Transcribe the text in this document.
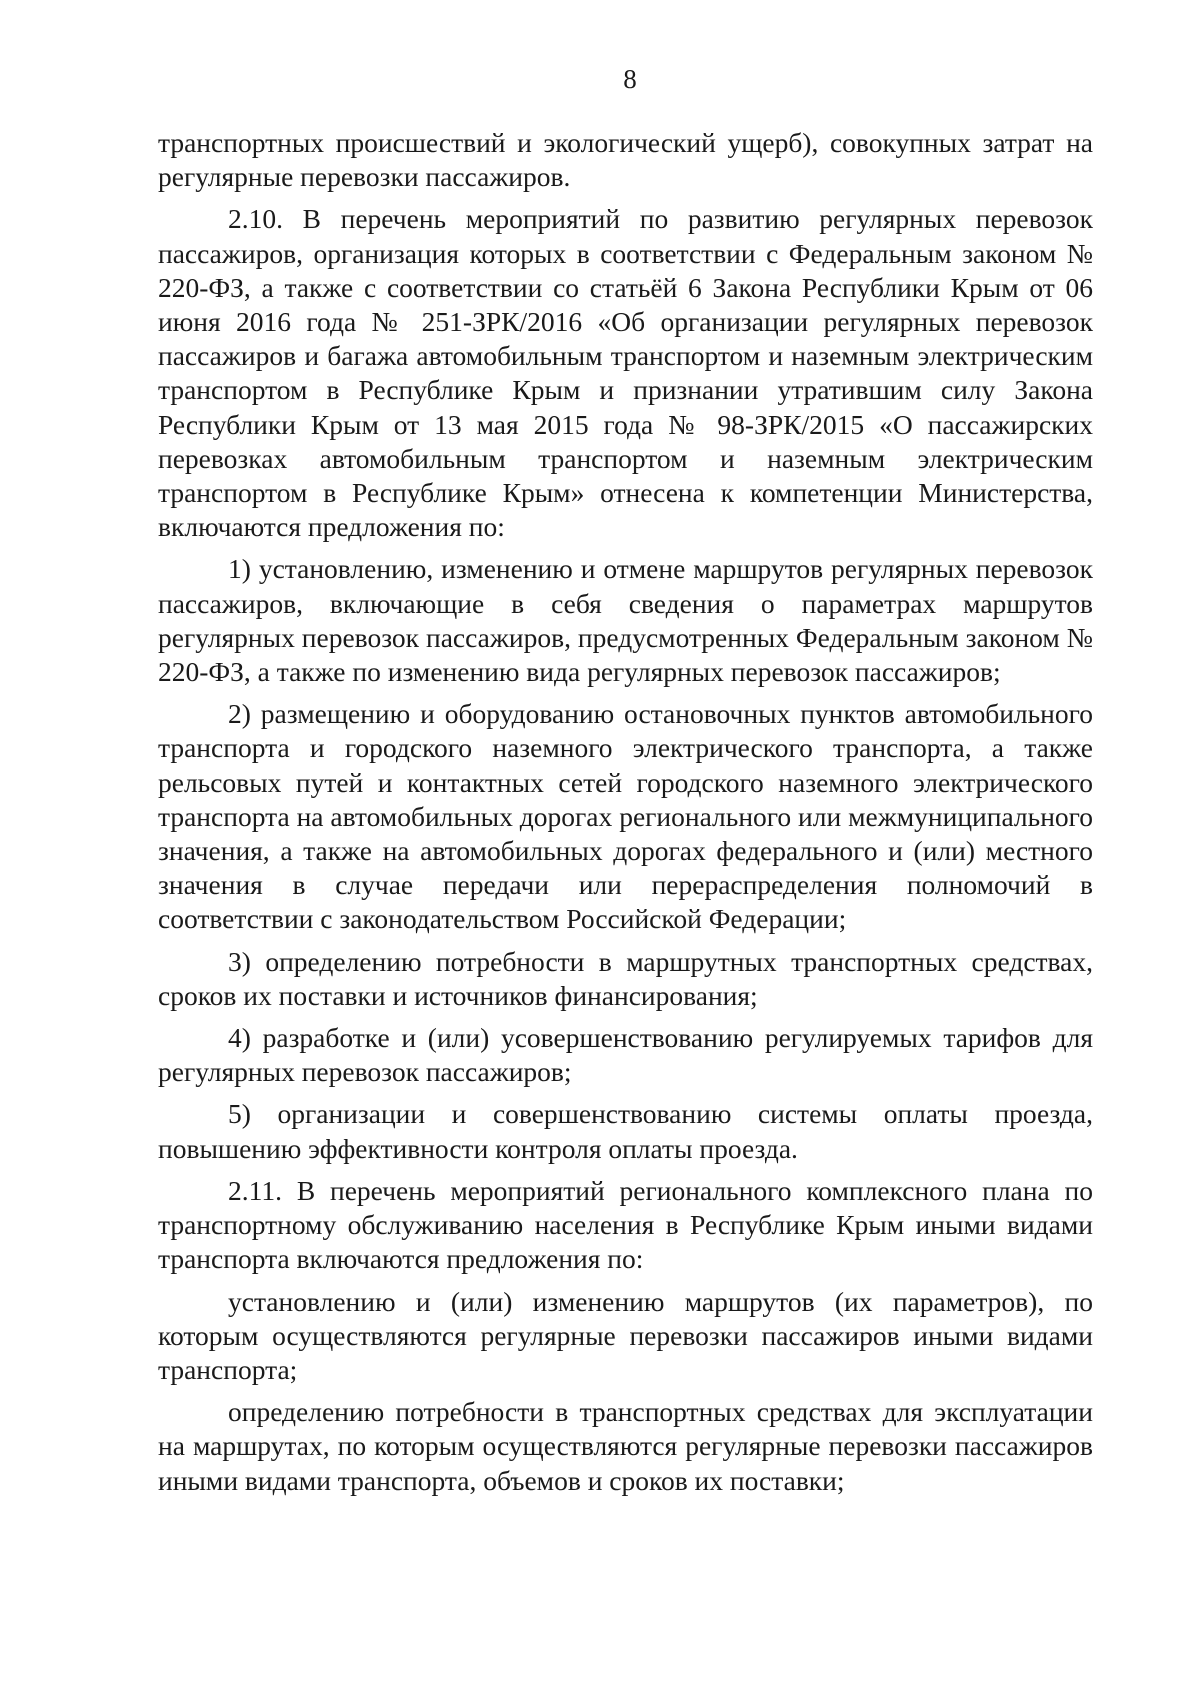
8

транспортных происшествий и экологический ущерб), совокупных затрат на регулярные перевозки пассажиров.

2.10. В перечень мероприятий по развитию регулярных перевозок пассажиров, организация которых в соответствии с Федеральным законом № 220-ФЗ, а также с соответствии со статьёй 6 Закона Республики Крым от 06 июня 2016 года № 251-ЗРК/2016 «Об организации регулярных перевозок пассажиров и багажа автомобильным транспортом и наземным электрическим транспортом в Республике Крым и признании утратившим силу Закона Республики Крым от 13 мая 2015 года № 98-ЗРК/2015 «О пассажирских перевозках автомобильным транспортом и наземным электрическим транспортом в Республике Крым» отнесена к компетенции Министерства, включаются предложения по:

1) установлению, изменению и отмене маршрутов регулярных перевозок пассажиров, включающие в себя сведения о параметрах маршрутов регулярных перевозок пассажиров, предусмотренных Федеральным законом № 220-ФЗ, а также по изменению вида регулярных перевозок пассажиров;

2) размещению и оборудованию остановочных пунктов автомобильного транспорта и городского наземного электрического транспорта, а также рельсовых путей и контактных сетей городского наземного электрического транспорта на автомобильных дорогах регионального или межмуниципального значения, а также на автомобильных дорогах федерального и (или) местного значения в случае передачи или перераспределения полномочий в соответствии с законодательством Российской Федерации;

3) определению потребности в маршрутных транспортных средствах, сроков их поставки и источников финансирования;

4) разработке и (или) усовершенствованию регулируемых тарифов для регулярных перевозок пассажиров;

5) организации и совершенствованию системы оплаты проезда, повышению эффективности контроля оплаты проезда.

2.11. В перечень мероприятий регионального комплексного плана по транспортному обслуживанию населения в Республике Крым иными видами транспорта включаются предложения по:

установлению и (или) изменению маршрутов (их параметров), по которым осуществляются регулярные перевозки пассажиров иными видами транспорта;

определению потребности в транспортных средствах для эксплуатации на маршрутах, по которым осуществляются регулярные перевозки пассажиров иными видами транспорта, объемов и сроков их поставки;
